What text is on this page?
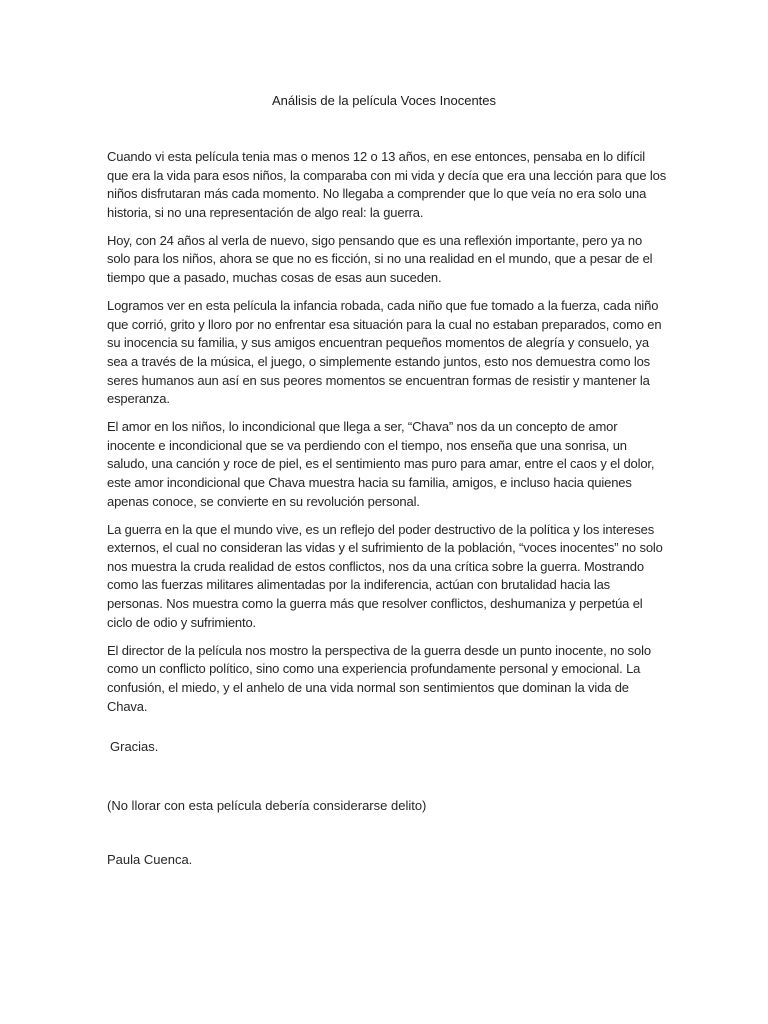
Análisis de la película Voces Inocentes

Cuando vi esta película tenia mas o menos 12 o 13 años, en ese entonces, pensaba en lo difícil que era la vida para esos niños, la comparaba con mi vida y decía que era una lección para que los niños disfrutaran más cada momento. No llegaba a comprender que lo que veía no era solo una historia, si no una representación de algo real: la guerra.

Hoy, con 24 años al verla de nuevo, sigo pensando que es una reflexión importante, pero ya no solo para los niños, ahora se que no es ficción, si no una realidad en el mundo, que a pesar de el tiempo que a pasado, muchas cosas de esas aun suceden.

Logramos ver en esta película la infancia robada, cada niño que fue tomado a la fuerza, cada niño que corrió, grito y lloro por no enfrentar esa situación para la cual no estaban preparados, como en su inocencia su familia, y sus amigos encuentran pequeños momentos de alegría y consuelo, ya sea a través de la música, el juego, o simplemente estando juntos, esto nos demuestra como los seres humanos aun así en sus peores momentos se encuentran formas de resistir y mantener la esperanza.

El amor en los niños, lo incondicional que llega a ser, “Chava” nos da un concepto de amor inocente e incondicional que se va perdiendo con el tiempo, nos enseña que una sonrisa, un saludo, una canción y roce de piel, es el sentimiento mas puro para amar, entre el caos y el dolor, este amor incondicional que Chava muestra hacia su familia, amigos, e incluso hacia quienes apenas conoce, se convierte en su revolución personal.

La guerra en la que el mundo vive, es un reflejo del poder destructivo de la política y los intereses externos, el cual no consideran las vidas y el sufrimiento de la población, “voces inocentes” no solo nos muestra la cruda realidad de estos conflictos, nos da una crítica sobre la guerra. Mostrando como las fuerzas militares alimentadas por la indiferencia, actúan con brutalidad hacia las personas. Nos muestra como la guerra más que resolver conflictos, deshumaniza y perpetúa el ciclo de odio y sufrimiento.

El director de la película nos mostro la perspectiva de la guerra desde un punto inocente, no solo como un conflicto político, sino como una experiencia profundamente personal y emocional. La confusión, el miedo, y el anhelo de una vida normal son sentimientos que dominan la vida de Chava.

Gracias.
(No llorar con esta película debería considerarse delito)
Paula Cuenca.
